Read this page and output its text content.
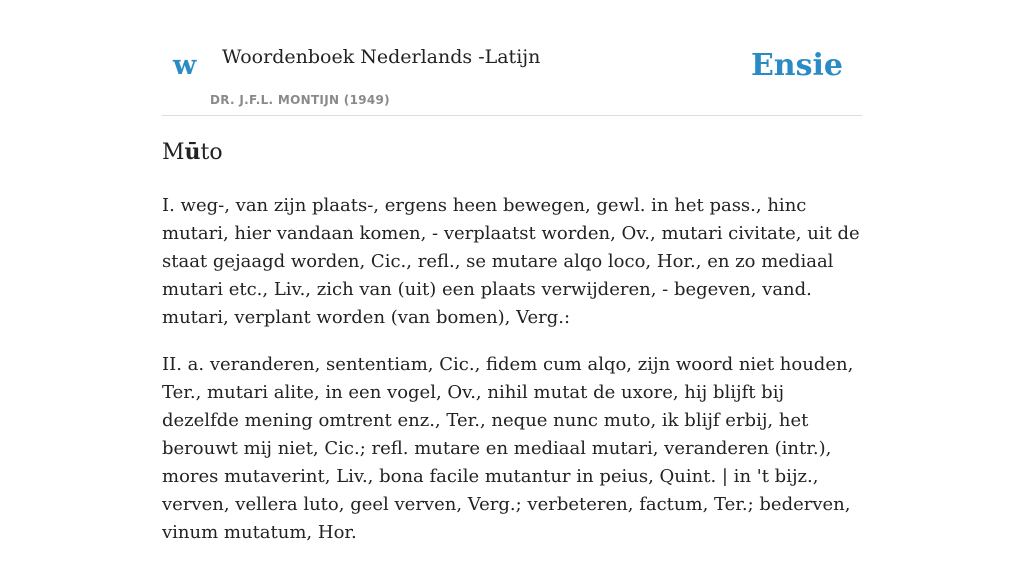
w Woordenboek Nederlands -Latijn
DR. J.F.L. MONTIJN (1949)
Ensie
Mūto

I. weg-, van zijn plaats-, ergens heen bewegen, gewl. in het pass., hinc mutari, hier vandaan komen, - verplaatst worden, Ov., mutari civitate, uit de staat gejaagd worden, Cic., refl., se mutare alqo loco, Hor., en zo mediaal mutari etc., Liv., zich van (uit) een plaats verwijderen, - begeven, vand. mutari, verplant worden (van bomen), Verg.:

II. a. veranderen, sententiam, Cic., fidem cum alqo, zijn woord niet houden, Ter., mutari alite, in een vogel, Ov., nihil mutat de uxore, hij blijft bij dezelfde mening omtrent enz., Ter., neque nunc muto, ik blijf erbij, het berouwt mij niet, Cic.; refl. mutare en mediaal mutari, veranderen (intr.), mores mutaverint, Liv., bona facile mutantur in peius, Quint. | in 't bijz., verven, vellera luto, geel verven, Verg.; verbeteren, factum, Ter.; bederven, vinum mutatum, Hor.
